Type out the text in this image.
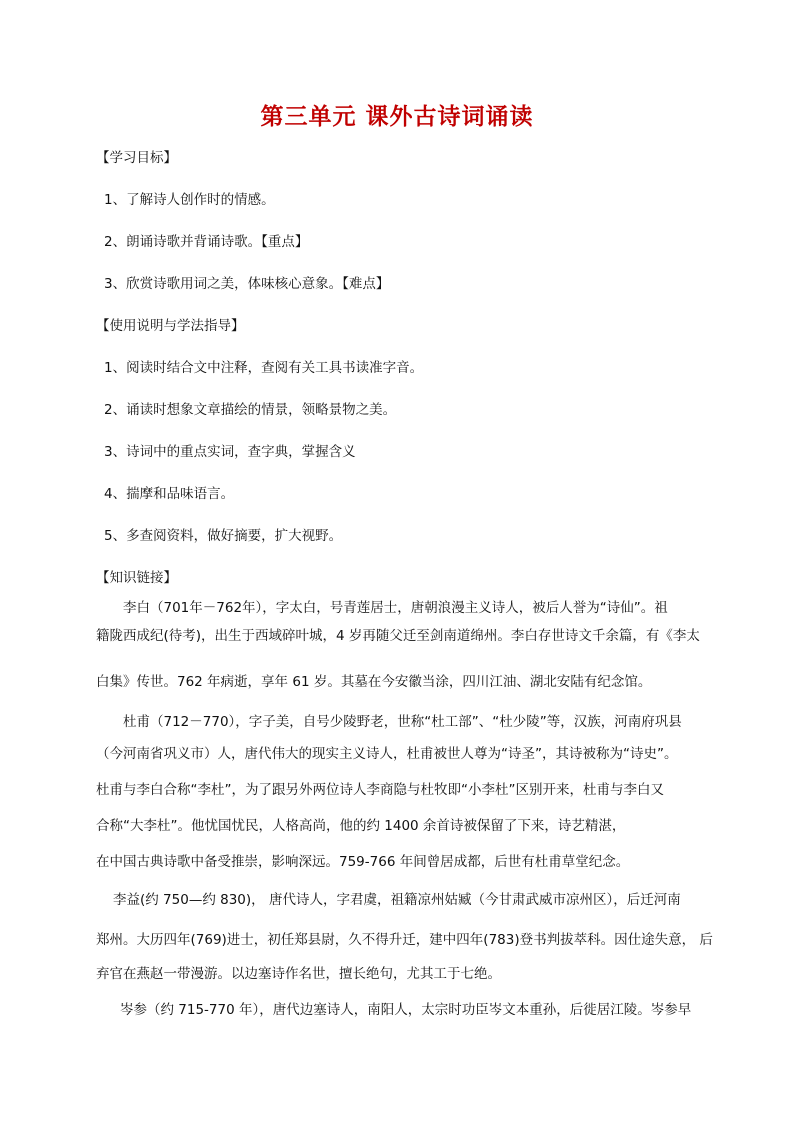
第三单元 课外古诗词诵读
【学习目标】
1、了解诗人创作时的情感。
2、朗诵诗歌并背诵诗歌。【重点】
3、欣赏诗歌用词之美，体味核心意象。【难点】
【使用说明与学法指导】
1、阅读时结合文中注释，查阅有关工具书读准字音。
2、诵读时想象文章描绘的情景，领略景物之美。
3、诗词中的重点实词，查字典，掌握含义
4、揣摩和品味语言。
5、多查阅资料，做好摘要，扩大视野。
【知识链接】
李白（701年－762年），字太白，号青莲居士，唐朝浪漫主义诗人，被后人誉为“诗仙”。祖
籍陇西成纪(待考)，出生于西域碎叶城，4 岁再随父迁至剑南道绵州。李白存世诗文千余篇，有《李太
白集》传世。762 年病逝，享年 61 岁。其墓在今安徽当涂，四川江油、湖北安陆有纪念馆。
杜甫（712－770），字子美，自号少陵野老，世称“杜工部”、“杜少陵”等，汉族，河南府巩县
（今河南省巩义市）人，唐代伟大的现实主义诗人，杜甫被世人尊为“诗圣”，其诗被称为“诗史”。
杜甫与李白合称“李杜”，为了跟另外两位诗人李商隐与杜牧即“小李杜”区别开来，杜甫与李白又
合称“大李杜”。他忧国忧民，人格高尚，他的约 1400 余首诗被保留了下来，诗艺精湛，
在中国古典诗歌中备受推崇，影响深远。759-766 年间曾居成都，后世有杜甫草堂纪念。
李益(约 750—约 830)， 唐代诗人，字君虞，祖籍凉州姑臧（今甘肃武威市凉州区），后迁河南
郑州。大历四年(769)进士，初任郑县尉，久不得升迁，建中四年(783)登书判拔萃科。因仕途失意， 后
弃官在燕赵一带漫游。以边塞诗作名世，擅长绝句，尤其工于七绝。
岑参（约 715-770 年），唐代边塞诗人，南阳人，太宗时功臣岑文本重孙，后徙居江陵。岑参早
